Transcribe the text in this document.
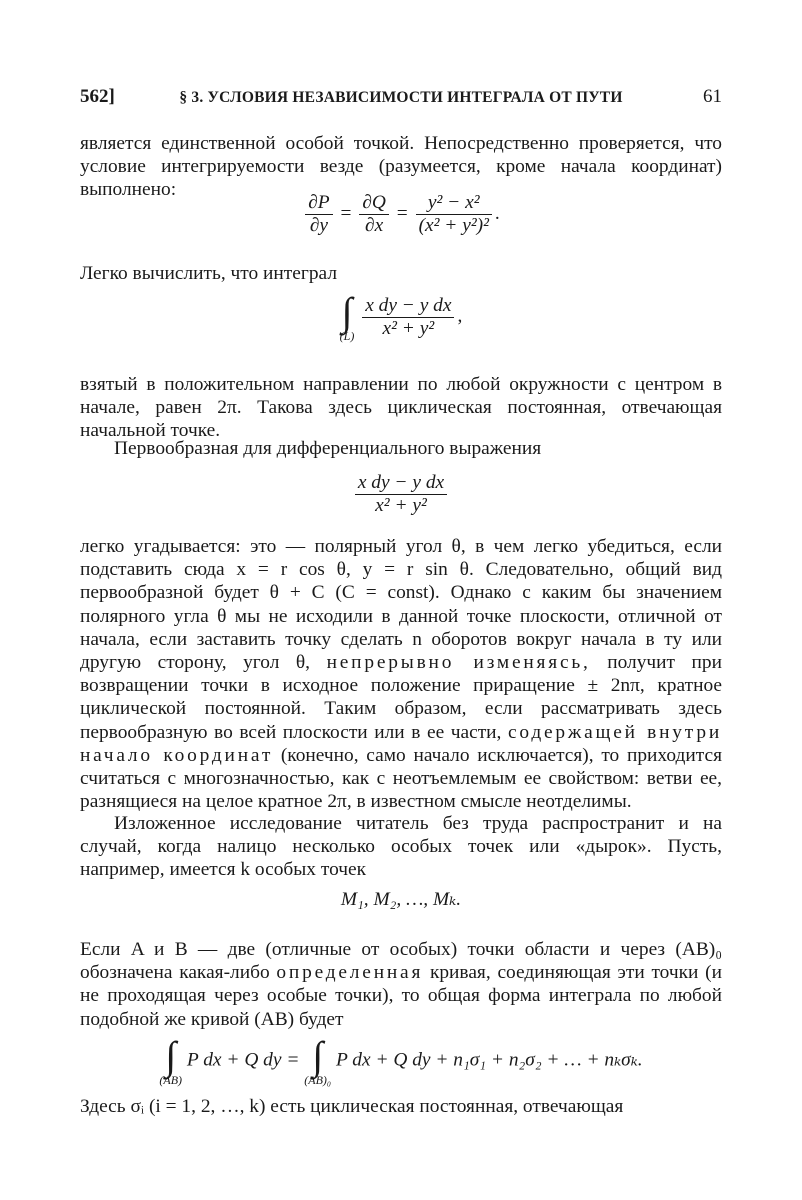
562]	§ 3. УСЛОВИЯ НЕЗАВИСИМОСТИ ИНТЕГРАЛА ОТ ПУТИ	61

является единственной особой точкой. Непосредственно проверяется, что условие интегрируемости везде (разумеется, кроме начала координат) выполнено:

$\frac{\partial P}{\partial y} = \frac{\partial Q}{\partial x} = \frac{\text{y² − x²}}{\text{(x² + y²)²}}$ .

Легко вычислить, что интеграл

∫
(L)
$\frac{\text{x dy − y dx}}{\text{x² + y²}}$ ,

взятый в положительном направлении по любой окружности с центром в начале, равен 2π. Такова здесь циклическая постоянная, отвечающая начальной точке.

Первообразная для дифференциального выражения

$\frac{\text{x dy − y dx}}{\text{x² + y²}}$

легко угадывается: это — полярный угол θ, в чем легко убедиться, если подставить сюда x = r cos θ, y = r sin θ. Следовательно, общий вид первообразной будет θ + C (C = const). Однако с каким бы значением полярного угла θ мы не исходили в данной точке плоскости, отличной от начала, если заставить точку сделать n оборотов вокруг начала в ту или другую сторону, угол θ, непрерывно изменяясь, получит при возвращении точки в исходное положение приращение ± 2nπ, кратное циклической постоянной. Таким образом, если рассматривать здесь первообразную во всей плоскости или в ее части, содержащей внутри начало координат (конечно, само начало исключается), то приходится считаться с многозначностью, как с неотъемлемым ее свойством: ветви ее, разнящиеся на целое кратное 2π, в известном смысле неотделимы.

Изложенное исследование читатель без труда распространит и на случай, когда налицо несколько особых точек или «дырок». Пусть, например, имеется k особых точек

M₁, M₂, …, Mₖ.

Если A и B — две (отличные от особых) точки области и через (AB)₀ обозначена какая-либо определенная кривая, соединяющая эти точки (и не проходящая через особые точки), то общая форма интеграла по любой подобной же кривой (AB) будет

∫
(AB)
P dx + Q dy = ∫
(AB)₀
P dx + Q dy + n₁σ₁ + n₂σ₂ + … + nₖσₖ.

Здесь σᵢ (i = 1, 2, …, k) есть циклическая постоянная, отвечающая
